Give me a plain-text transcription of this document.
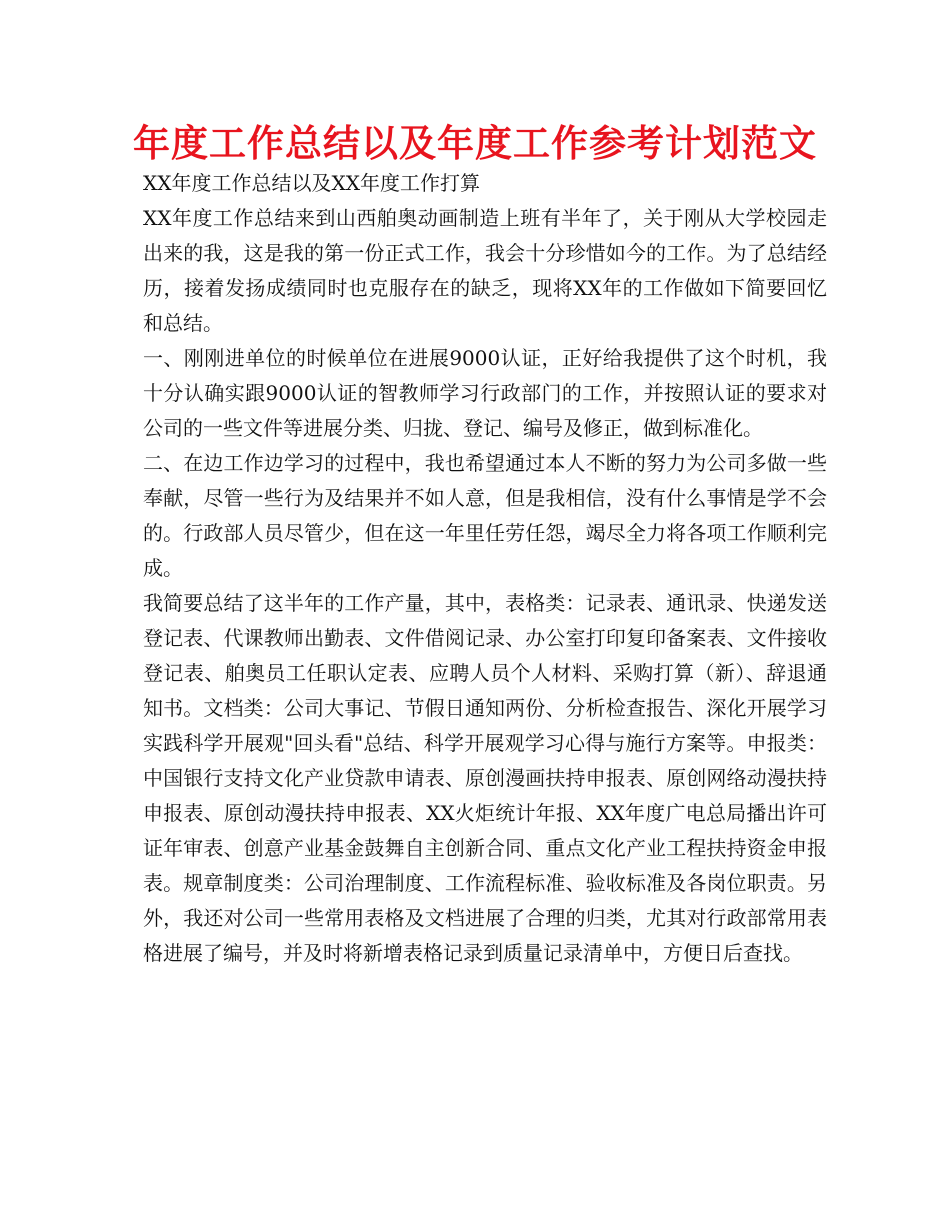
年度工作总结以及年度工作参考计划范文

XX年度工作总结以及XX年度工作打算

XX年度工作总结来到山西舶奥动画制造上班有半年了，关于刚从大学校园走出来的我，这是我的第一份正式工作，我会十分珍惜如今的工作。为了总结经历，接着发扬成绩同时也克服存在的缺乏，现将XX年的工作做如下简要回忆和总结。

一、刚刚进单位的时候单位在进展9000认证，正好给我提供了这个时机，我十分认确实跟9000认证的智教师学习行政部门的工作，并按照认证的要求对公司的一些文件等进展分类、归拢、登记、编号及修正，做到标准化。

二、在边工作边学习的过程中，我也希望通过本人不断的努力为公司多做一些奉献，尽管一些行为及结果并不如人意，但是我相信，没有什么事情是学不会的。行政部人员尽管少，但在这一年里任劳任怨，竭尽全力将各项工作顺利完成。

我简要总结了这半年的工作产量，其中，表格类：记录表、通讯录、快递发送登记表、代课教师出勤表、文件借阅记录、办公室打印复印备案表、文件接收登记表、舶奥员工任职认定表、应聘人员个人材料、采购打算（新）、辞退通知书。文档类：公司大事记、节假日通知两份、分析检查报告、深化开展学习实践科学开展观"回头看"总结、科学开展观学习心得与施行方案等。申报类：中国银行支持文化产业贷款申请表、原创漫画扶持申报表、原创网络动漫扶持申报表、原创动漫扶持申报表、XX火炬统计年报、XX年度广电总局播出许可证年审表、创意产业基金鼓舞自主创新合同、重点文化产业工程扶持资金申报表。规章制度类：公司治理制度、工作流程标准、验收标准及各岗位职责。另外，我还对公司一些常用表格及文档进展了合理的归类，尤其对行政部常用表格进展了编号，并及时将新增表格记录到质量记录清单中，方便日后查找。
